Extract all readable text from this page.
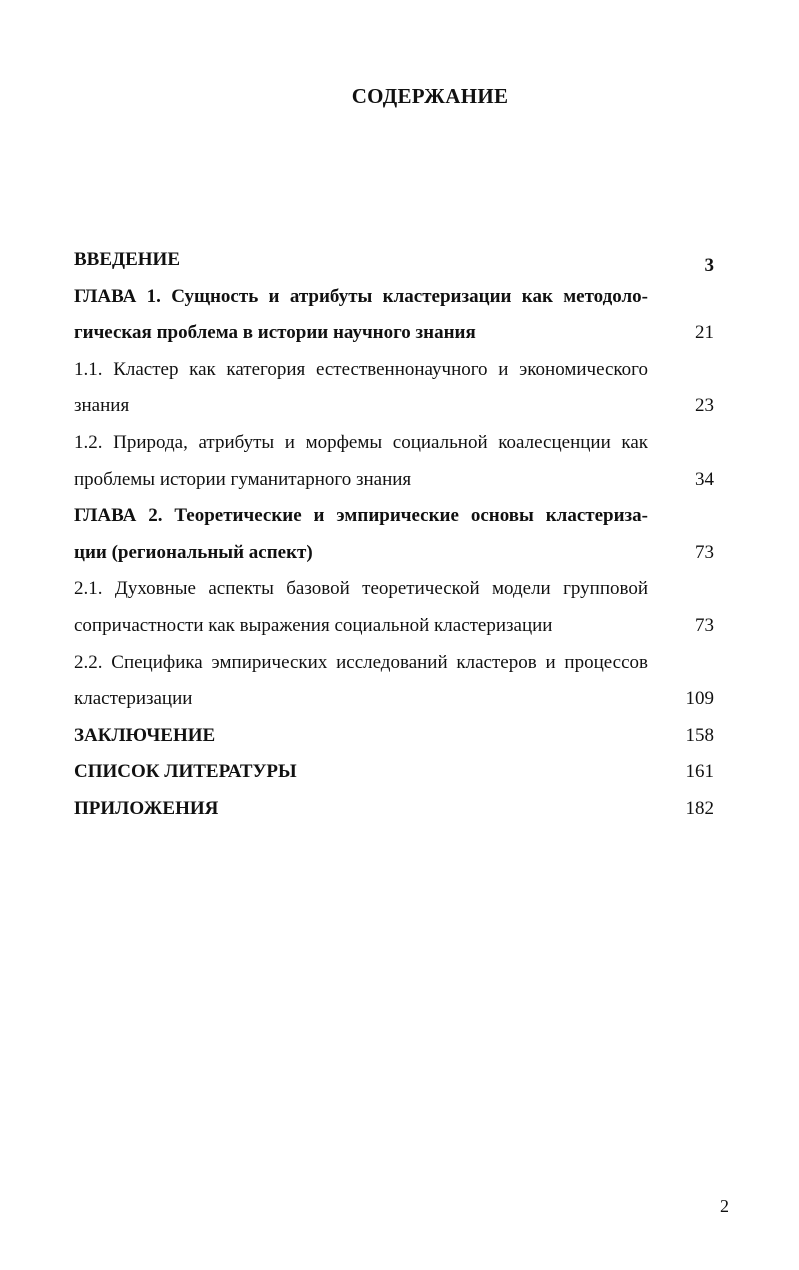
СОДЕРЖАНИЕ
ВВЕДЕНИЕ	3
ГЛАВА 1. Сущность и атрибуты кластеризации как методоло-
гическая проблема в истории научного знания	21
1.1. Кластер как категория естественнонаучного и экономического
знания	23
1.2. Природа, атрибуты и морфемы социальной коалесценции как
проблемы истории гуманитарного знания	34
ГЛАВА 2. Теоретические и эмпирические основы кластериза-
ции (региональный аспект)	73
2.1. Духовные аспекты базовой теоретической модели групповой
сопричастности как выражения социальной кластеризации	73
2.2. Специфика эмпирических исследований кластеров и процессов
кластеризации	109
ЗАКЛЮЧЕНИЕ	158
СПИСОК ЛИТЕРАТУРЫ	161
ПРИЛОЖЕНИЯ	182
2
